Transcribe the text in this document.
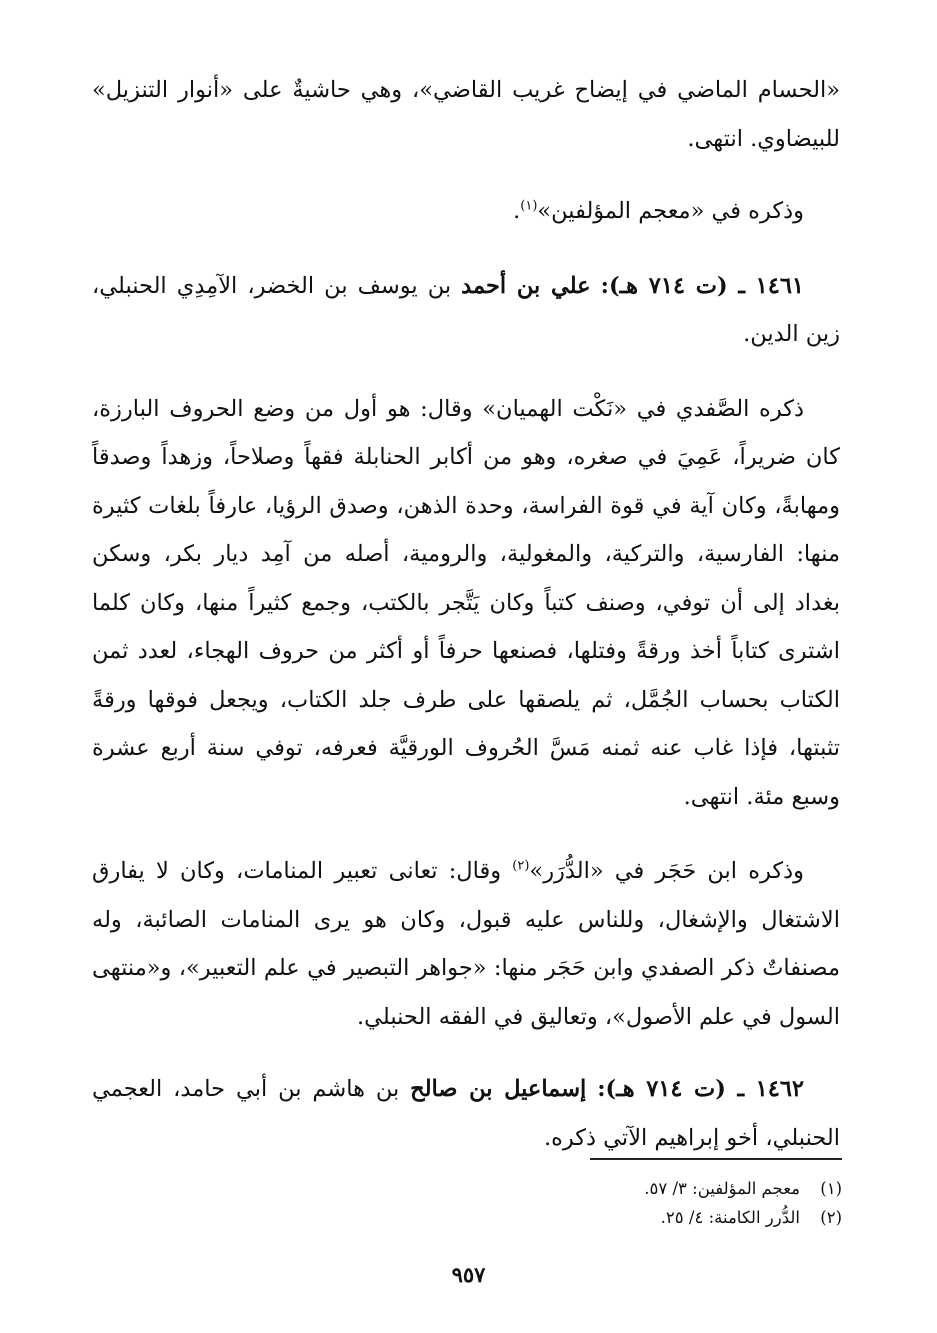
«الحسام الماضي في إيضاح غريب القاضي»، وهي حاشيةٌ على «أنوار التنزيل» للبيضاوي. انتهى.

وذكره في «معجم المؤلفين»$^{(١)}$.

١٤٦١ ـ (ت ٧١٤ هـ): علي بن أحمد بن يوسف بن الخضر، الآمِدِي الحنبلي، زين الدين.

ذكره الصَّفدي في «نَكْت الهميان» وقال: هو أول من وضع الحروف البارزة، كان ضريراً، عَمِيَ في صغره، وهو من أكابر الحنابلة فقهاً وصلاحاً، وزهداً وصدقاً ومهابةً، وكان آية في قوة الفراسة، وحدة الذهن، وصدق الرؤيا، عارفاً بلغات كثيرة منها: الفارسية، والتركية، والمغولية، والرومية، أصله من آمِد ديار بكر، وسكن بغداد إلى أن توفي، وصنف كتباً وكان يَتَّجر بالكتب، وجمع كثيراً منها، وكان كلما اشترى كتاباً أخذ ورقةً وفتلها، فصنعها حرفاً أو أكثر من حروف الهجاء، لعدد ثمن الكتاب بحساب الجُمَّل، ثم يلصقها على طرف جلد الكتاب، ويجعل فوقها ورقةً تثبتها، فإذا غاب عنه ثمنه مَسَّ الحُروف الورقيَّة فعرفه، توفي سنة أربع عشرة وسبع مئة. انتهى.

وذكره ابن حَجَر في «الدُّرَر»$^{(٢)}$ وقال: تعانى تعبير المنامات، وكان لا يفارق الاشتغال والإشغال، وللناس عليه قبول، وكان هو يرى المنامات الصائبة، وله مصنفاتٌ ذكر الصفدي وابن حَجَر منها: «جواهر التبصير في علم التعبير»، و«منتهى السول في علم الأصول»، وتعاليق في الفقه الحنبلي.

١٤٦٢ ـ (ت ٧١٤ هـ): إسماعيل بن صالح بن هاشم بن أبي حامد، العجمي الحنبلي، أخو إبراهيم الآتي ذكره.

(١)معجم المؤلفين: ٣/ ٥٧.
(٢)الدُّرر الكامنة: ٤/ ٢٥.
٩٥٧
